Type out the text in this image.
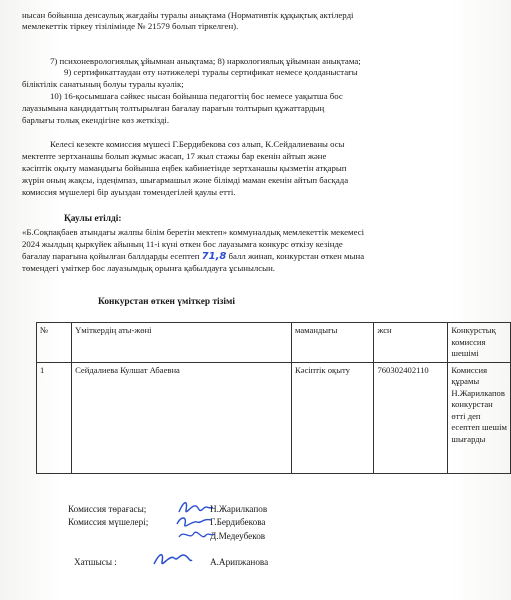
нысан бойынша денсаулық жағдайы туралы анықтама (Нормативтік құқықтық актілерді
мемлекеттік тіркеу тізілімінде № 21579 болып тіркелген).
7) психоневрологиялық ұйымнан анықтама; 8) наркологиялық ұйымнан анықтама;
9) сертификаттаудан өту нәтижелері туралы сертификат немесе қолданыстағы
біліктілік санатының болуы туралы куәлік;
10) 16-қосымшаға сәйкес нысан бойынша педагогтің бос немесе уақытша бос
лауазымына кандидаттың толтырылған бағалау парағын толтырып құжаттардың
барлығы толық екендігіне көз жеткізді.
Келесі кезекте комиссия мүшесі Г.Бердибекова сөз алып, К.Сейдалиеваны осы
мектепте зертханашы болып жұмыс жасап, 17 жыл стажы бар екенін айтып және
кәсіптік оқыту мамандығы бойынша еңбек кабинетінде зертханашы қызметін атқарып
жүрін оның жақсы, іздеңімпаз, шығармашыл және білімді маман екенін айтып басқада
комиссия мүшелері бір ауыздан төмендегілей қаулы етті.
Қаулы етілді:
«Б.Соқпақбаев атындағы жалпы білім беретін мектеп» коммуналдық мемлекеттік мекемесі
2024 жылдың қыркүйек айының 11-і күні өткен бос лауазымға конкурс өткізу кезінде
бағалау парағына қойылған баллдарды есептеп 71,8 балл жинап, конкурстан өткен мына
төмендегі үміткер бос лауазымдық орынға қабылдауға ұсынылсын.
Конкурстан өткен үміткер тізімі
№	Үміткердің аты-жөні	мамандығы	жсн	Конкурстық комиссия шешімі
1	Сейдалиева Кулшат Абаевна	Кәсіптік оқыту	760302402110	Комиссия құрамы Н.Жарилкапов конкурстан өтті деп есептеп шешім шығарды
Комиссия төрағасы;	Н.Жарилкапов
Комиссия мүшелері;	Г.Бердибекова
Д.Медеубеков
Хатшысы :	А.Арипжанова
